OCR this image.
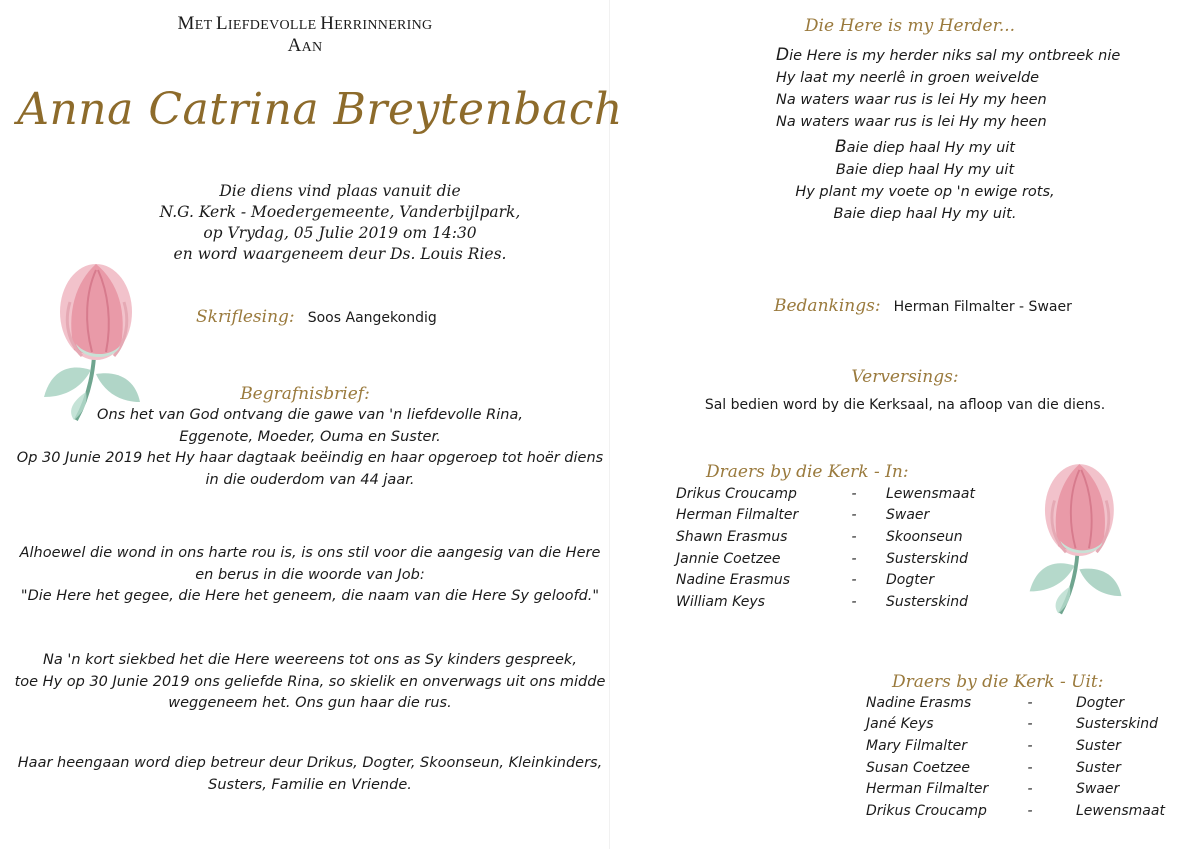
MET LIEFDEVOLLE HERRINNERING
AAN
Anna Catrina Breytenbach
Die diens vind plaas vanuit die
N.G. Kerk - Moedergemeente, Vanderbijlpark,
op Vrydag, 05 Julie 2019 om 14:30
en word waargeneem deur Ds. Louis Ries.
Skriflesing: Soos Aangekondig
Begrafnisbrief:
Ons het van God ontvang die gawe van 'n liefdevolle Rina,
Eggenote, Moeder, Ouma en Suster.
Op 30 Junie 2019 het Hy haar dagtaak beëindig en haar opgeroep tot hoër diens
in die ouderdom van 44 jaar.
Alhoewel die wond in ons harte rou is, is ons stil voor die aangesig van die Here
en berus in die woorde van Job:
"Die Here het gegee, die Here het geneem, die naam van die Here Sy geloofd."
Na 'n kort siekbed het die Here weereens tot ons as Sy kinders gespreek,
toe Hy op 30 Junie 2019 ons geliefde Rina, so skielik en onverwags uit ons midde
weggeneem het. Ons gun haar die rus.
Haar heengaan word diep betreur deur Drikus, Dogter, Skoonseun, Kleinkinders,
Susters, Familie en Vriende.
Die Here is my Herder...
Die Here is my herder niks sal my ontbreek nie
Hy laat my neerlê in groen weivelde
Na waters waar rus is lei Hy my heen
Na waters waar rus is lei Hy my heen
Baie diep haal Hy my uit
Baie diep haal Hy my uit
Hy plant my voete op 'n ewige rots,
Baie diep haal Hy my uit.
Bedankings: Herman Filmalter - Swaer
Verversings:
Sal bedien word by die Kerksaal, na afloop van die diens.
Draers by die Kerk - In:
Drikus Croucamp	-	Lewensmaat
Herman Filmalter	-	Swaer
Shawn Erasmus	-	Skoonseun
Jannie Coetzee	-	Susterskind
Nadine Erasmus	-	Dogter
William Keys	-	Susterskind
Draers by die Kerk - Uit:
Nadine Erasms	-	Dogter
Jané Keys	-	Susterskind
Mary Filmalter	-	Suster
Susan Coetzee	-	Suster
Herman Filmalter	-	Swaer
Drikus Croucamp	-	Lewensmaat
